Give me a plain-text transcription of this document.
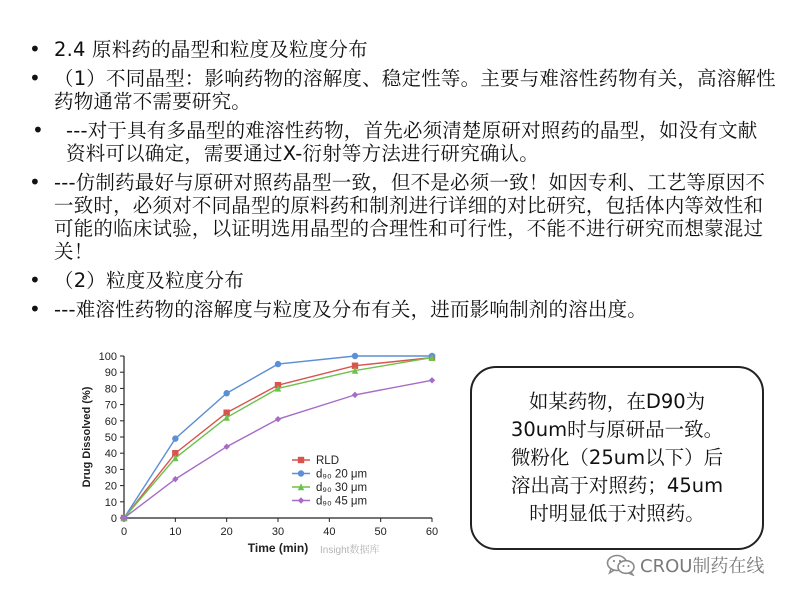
• 2.4 原料药的晶型和粒度及粒度分布
• （1）不同晶型：影响药物的溶解度、稳定性等。主要与难溶性药物有关，高溶解性药物通常不需要研究。
• ---对于具有多晶型的难溶性药物，首先必须清楚原研对照药的晶型，如没有文献资料可以确定，需要通过X-衍射等方法进行研究确认。
• ---仿制药最好与原研对照药晶型一致，但不是必须一致！如因专利、工艺等原因不一致时，必须对不同晶型的原料药和制剂进行详细的对比研究，包括体内等效性和可能的临床试验，以证明选用晶型的合理性和可行性，不能不进行研究而想蒙混过关！
• （2）粒度及粒度分布
• ---难溶性药物的溶解度与粒度及分布有关，进而影响制剂的溶出度。
0
10
20
30
40
50
60
70
80
90
100
0	10	20	30	40	50	60
Time (min)
Drug Dissolved (%)	RLD
d₉₀ 20 μm
d₉₀ 30 μm
d₉₀ 45 μm
Insight数据库
如某药物，在D90为
30um时与原研品一致。
微粉化（25um以下）后
溶出高于对照药；45um
时明显低于对照药。
CROU制药在线
